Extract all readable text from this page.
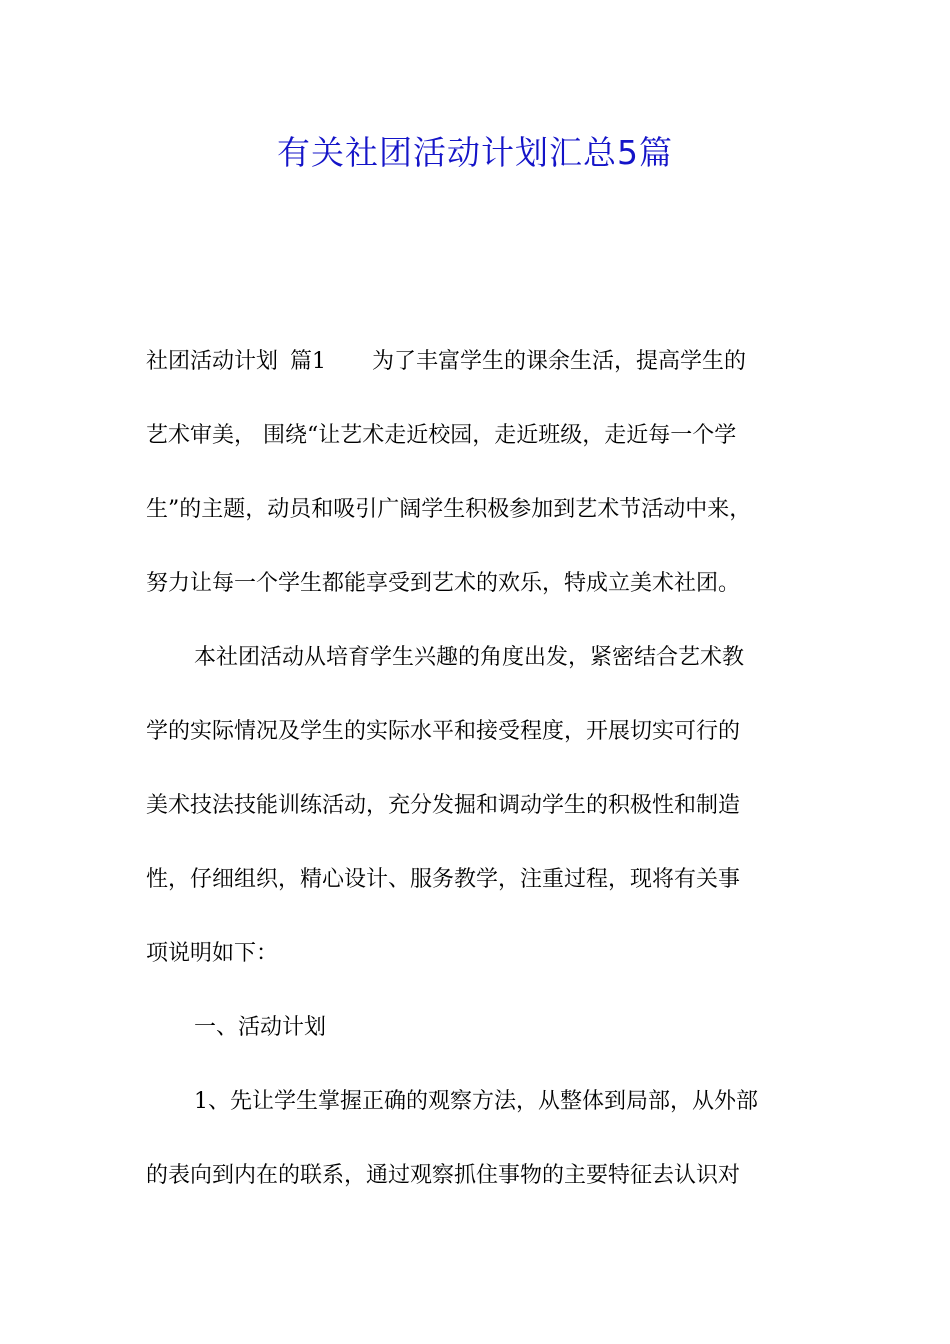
有关社团活动计划汇总5篇
社团活动计划 篇1 为了丰富学生的课余生活，提高学生的
艺术审美， 围绕“让艺术走近校园，走近班级，走近每一个学
生”的主题，动员和吸引广阔学生积极参加到艺术节活动中来，
努力让每一个学生都能享受到艺术的欢乐，特成立美术社团。
本社团活动从培育学生兴趣的角度出发，紧密结合艺术教
学的实际情况及学生的实际水平和接受程度，开展切实可行的
美术技法技能训练活动，充分发掘和调动学生的积极性和制造
性，仔细组织，精心设计、服务教学，注重过程，现将有关事
项说明如下：
一、活动计划
1、先让学生掌握正确的观察方法，从整体到局部，从外部
的表向到内在的联系，通过观察抓住事物的主要特征去认识对
